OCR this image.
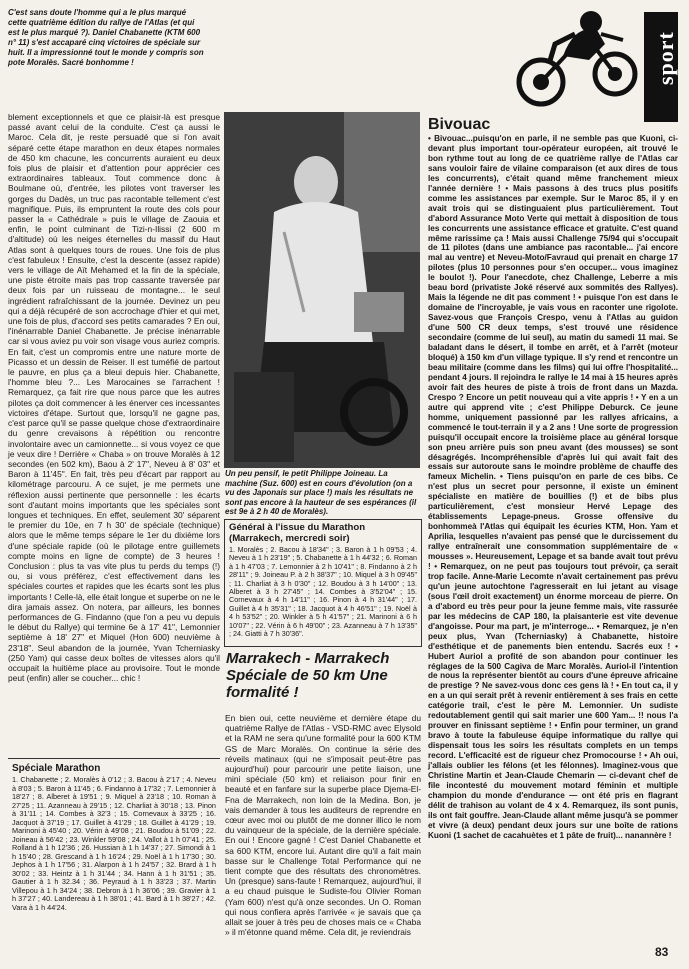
C'est sans doute l'homme qui a le plus marqué cette quatrième édition du rallye de l'Atlas (et qui est le plus marqué ?). Daniel Chabanette (KTM 600 n° 11) s'est accaparé cinq victoires de spéciale sur huit. Il a impressionné tout le monde y compris son pote Moralès. Sacré bonhomme !	sport

blement exceptionnels et que ce plaisir-là est presque passé avant celui de la conduite. C'est ça aussi le Maroc. Cela dit, je reste persuadé que si l'on avait séparé cette étape marathon en deux étapes normales de 450 km chacune, les concurrents auraient eu deux fois plus de plaisir et d'attention pour apprécier ces extraordinaires tableaux. Tout commence donc à Boulmane où, d'entrée, les pilotes vont traverser les gorges du Dadès, un truc pas racontable tellement c'est magnifique. Puis, ils empruntent la route des cols pour passer la « Cathédrale » puis le village de Zaouia et enfin, le point culminant de Tizi-n-Ilissi (2 600 m d'altitude) où les neiges éternelles du massif du Haut Atlas sont à quelques tours de roues. Une fois de plus c'est fabuleux ! Ensuite, c'est la descente (assez rapide) vers le village de Aït Mehamed et la fin de la spéciale, une piste étroite mais pas trop cassante traversée par deux fois par un ruisseau de montagne... le seul ingrédient rafraîchissant de la journée. Devinez un peu qui a déjà récupéré de son accrochage d'hier et qui met, une fois de plus, d'accord ses petits camarades ? En oui, l'inénarrable Daniel Chabanette. Je précise inénarrable car si vous aviez pu voir son visage vous auriez compris. En fait, c'est un compromis entre une nature morte de Picasso et un dessin de Reiser. Il est tuméfié de partout le pauvre, en plus ça a bleui depuis hier. Chabanette, l'homme bleu ?... Les Marocaines se l'arrachent ! Remarquez, ça fait rire que nous parce que les autres pilotes ça doit commencer à les énerver ces incessantes victoires d'étape. Surtout que, lorsqu'il ne gagne pas, c'est parce qu'il se passe quelque chose d'extraordinaire du genre crevaisons à répétition ou rencontre involontaire avec un camionnette... si vous voyez ce que je veux dire ! Derrière « Chaba » on trouve Moralès à 12 secondes (en 502 km), Baou à 2' 17", Neveu à 8' 03" et Baron à 11'45". En fait, très peu d'écart par rapport au kilométrage parcouru. A ce sujet, je me permets une réflexion aussi pertinente que personnelle : les écarts sont d'autant moins importants que les spéciales sont longues et techniques. En effet, seulement 30' séparent le premier du 10e, en 7 h 30' de spéciale (technique) alors que le même temps sépare le 1er du dixième lors d'une spéciale rapide (où le pilotage entre guillemets compte moins en ligne de compte) de 3 heures ! Conclusion : plus ta vas vite plus tu perds du temps (!) ou, si vous préférez, c'est effectivement dans les spéciales courtes et rapides que les écarts sont les plus importants ! Celle-là, elle était longue et superbe on ne le dira jamais assez. On notera, par ailleurs, les bonnes performances de G. Findanno (que l'on a peu vu depuis le début du Rallye) qui termine 6e à 17' 41", Lemonnier septième à 18' 27" et Miquel (Hon 600) neuvième à 23'18". Seul abandon de la journée, Yvan Tcherniasky (250 Yam) qui casse deux boîtes de vitesses alors qu'il occupait la huitième place au provisoire. Tout le monde peut (enfin) aller se coucher... chic !

Un peu pensif, le petit Philippe Joineau. La machine (Suz. 600) est en cours d'évolution (on a vu des Japonais sur place !) mais les résultats ne sont pas encore à la hauteur de ses espérances (il est 9e à 2 h 40 de Moralès).
Général à l'issue du Marathon (Marrakech, mercredi soir)

1. Moralès ; 2. Bacou à 18'34" ; 3. Baron à 1 h 09'53 ; 4. Neveu à 1 h 23'19" ; 5. Chabanette à 1 h 44'32 ; 6. Roman à 1 h 47'03 ; 7. Lemonnier à 2 h 10'41" ; 8. Findanno à 2 h 28'11" ; 9. Joineau P. à 2 h 38'37" ; 10. Miquel à 3 h 09'45" ; 11. Charliat à 3 h 0'30" ; 12. Boudou à 3 h 14'00" ; 13. Alberet à 3 h 27'45" ; 14. Combes à 3'52'04" ; 15. Cornevaux à 4 h 14'11" ; 16. Pinon à 4 h 31'44" ; 17. Guillet à 4 h 35'31" ; 18. Jacquot à 4 h 46'51" ; 19. Noël à 4 h 53'52" ; 20. Winkler à 5 h 41'57" ; 21. Marinoni à 6 h 10'07" ; 22. Vérin à 6 h 49'00" ; 23. Azanneau à 7 h 13'35" ; 24. Giatti à 7 h 30'36".

Marrakech - Marrakech Spéciale de 50 km Une formalité !

En bien oui, cette neuvième et dernière étape du quatrième Rallye de l'Atlas - VSD-RMC avec Elysold et la RAM ne sera qu'une formalité pour la 600 KTM GS de Marc Moralès. On continue la série des réveils matinaux (qui ne s'imposait peut-être pas aujourd'hui) pour parcourir une petite liaison, une mini spéciale (50 km) et reliaison pour finir en beauté et en fanfare sur la superbe place Djema-El-Fna de Marrakech, non loin de la Medina. Bon, je vais demander à tous les auditeurs de reprendre en cœur avec moi ou plutôt de me donner illico le nom du vainqueur de la spéciale, de la dernière spéciale. En oui ! Encore gagné ! C'est Daniel Chabanette et sa 600 KTM, encore lui. Autant dire qu'il a fait main basse sur le Challenge Total Performance qui ne tient compte que des résultats des chronomètres. Un (presque) sans-faute ! Remarquez, aujourd'hui, il a eu chaud puisque le Sudiste-fou Olivier Roman (Yam 600) n'est qu'à onze secondes. Un O. Roman qui nous confiera après l'arrivée « je savais que ça allait se jouer à très peu de choses mais ce « Chaba » il m'étonne quand même. Cela dit, je reviendrais

Spéciale Marathon

1. Chabanette ; 2. Moralès à 0'12 ; 3. Bacou à 2'17 ; 4. Neveu à 8'03 ; 5. Baron à 11'45 ; 6. Findanno à 17'32 ; 7. Lemonnier à 18'27 ; 8. Alberet à 19'51 ; 9. Miquel à 23'18 ; 10. Roman à 27'25 ; 11. Azanneau à 29'15 ; 12. Charliat à 30'18 ; 13. Pinon à 31'11 ; 14. Combes à 32'3 ; 15. Cornevaux à 33'25 ; 16. Jacquot à 37'19 ; 17. Guillet à 41'29 ; 18. Guillet à 41'29 ; 19. Marinoni à 45'40 ; 20. Vérin à 49'08 ; 21. Boudou à 51'09 ; 22. Joineau à 56'42 ; 23. Winkler 59'08 ; 24. Vallot à 1 h 07'41 ; 25. Rolland à 1 h 12'36 ; 26. Hussian à 1 h 14'37 ; 27. Simondi à 1 h 15'40 ; 28. Grescand à 1 h 16'24 ; 29. Noël à 1 h 17'30 ; 30. Jephos à 1 h 17'56 ; 31. Alarpon à 1 h 24'57 ; 32. Brard à 1 h 30'02 ; 33. Heintz à 1 h 31'44 ; 34. Hann à 1 h 31'51 ; 35. Gautier à 1 h 32.34 ; 36. Peyraud à 1 h 33'23 ; 37. Martin Villepou à 1 h 34'24 ; 38. Debron à 1 h 36'06 ; 39. Gravier à 1 h 37'27 ; 40. Landereau à 1 h 38'01 ; 41. Bard à 1 h 38'27 ; 42. Vara à 1 h 44'24.

Bivouac

• Bivouac...puisqu'on en parle, il ne semble pas que Kuoni, ci-devant plus important tour-opérateur européen, ait trouvé le bon rythme tout au long de ce quatrième rallye de l'Atlas car sans vouloir faire de vilaine comparaison (et aux dires de tous les concurrents), c'était quand même franchement mieux l'année dernière ! • Mais passons à des trucs plus positifs comme les assistances par exemple. Sur le Maroc 85, il y en avait trois qui se distinguaient plus particulièrement. Tout d'abord Assurance Moto Verte qui mettait à disposition de tous les concurrents une assistance efficace et gratuite. C'est quand même rarissime ça ! Mais aussi Challenge 75/94 qui s'occupait de 11 pilotes (dans une ambiance pas racontable... j'ai encore mal au ventre) et Neveu-Moto/Favraud qui prenait en charge 17 pilotes (plus 10 personnes pour s'en occuper... vous imaginez le boulot !). Pour l'anecdote, chez Challenge, Leberre a mis beau bord (privatiste Joké réservé aux sommités des Rallyes). Mais la légende ne dit pas comment ! • puisque l'on est dans le domaine de l'incroyable, je vais vous en raconter une rigolote. Savez-vous que François Crespo, venu à l'Atlas au guidon d'une 500 CR deux temps, s'est trouvé une résidence secondaire (comme de lui seul), au matin du samedi 11 mai. Se baladant dans le désert, il tombe en arrêt, et à l'arrêt (moteur bloqué) à 150 km d'un village typique. Il s'y rend et rencontre un beau militaire (comme dans les films) qui lui offre l'hospitalité... pendant 4 jours. Il rejoindra le rallye le 14 mai à 15 heures après avoir fait des heures de piste à trois de front dans un Mazda. Crespo ? Encore un petit nouveau qui a vite appris ! • Y en a un autre qui apprend vite ; c'est Philippe Deburck. Ce jeune homme, uniquement passionné par les rallyes africains, a commencé le tout-terrain il y a 2 ans ! Une sorte de progression puisqu'il occupait encore la troisième place au général lorsque son pneu arrière puis son pneu avant (des mousses) se sont désagrégés. Incompréhensible d'après lui qui avait fait des essais sur autoroute sans le moindre problème de chauffe des fameux Michelin. • Tiens puisqu'on en parle de ces bibs. Ce n'est plus un secret pour personne, il existe un éminent spécialiste en matière de bouillies (!) et de bibs plus particulièrement, c'est monsieur Hervé Lepage des établissements Lepage-pneus. Grosse offensive du bonhommeà l'Atlas qui équipait les écuries KTM, Hon. Yam et Aprilia, lesquelles n'avaient pas pensé que le durcissement du rallye entraînerait une consommation supplémentaire de « mousses ». Heureusement, Lepage et sa bande avait tout prévu ! • Remarquez, on ne peut pas toujours tout prévoir, ça serait trop facile. Anne-Marie Lecomte n'avait certainement pas prévu qu'un jeune autochtone l'agresserait en lui jetant au visage (sous l'œil droit exactement) un énorme morceau de pierre. On a d'abord eu très peur pour la jeune femme mais, vite rassurée par les médecins de CAP 180, la plaisanterie est vite devenue d'angoisse. Pour ma part, je m'interroge... • Remarquez, je n'en peux plus, Yvan (Tcherniasky) à Chabanette, histoire d'esthétique et de panements bien entendu. Sacrés eux ! • Hubert Auriol a profité de son abandon pour continuer les réglages de la 500 Cagiva de Marc Moralès. Auriol-il l'intention de nous la représenter bientôt au cours d'une épreuve africaine de prestige ? Ne savez-vous donc ces gens là ! • En tout ca, il y en a un qui serait prêt à revenir entièrement à ses frais en cette catégorie trail, c'est le père M. Lemonnier. Un sudiste redoutablement gentil qui sait marier une 600 Yam... !! nous l'a prouver en finissant septième ! • Enfin pour terminer, un grand bravo à toute la fabuleuse équipe informatique du rallye qui dispensait tous les soirs les résultats complets en un temps record. L'efficacité est de rigueur chez Promocourse ! • Ah oui, j'allais oublier les félons (et les félonnes). Imaginez-vous que Christine Martin et Jean-Claude Chemarin — ci-devant chef de file incontesté du mouvement motard féminin et multiple champion du monde d'endurance — ont été pris en flagrant délit de trahison au volant de 4 x 4. Remarquez, ils sont punis, ils ont fait gouffre. Jean-Claude allant même jusqu'à se pommer et vivre (à deux) pendant deux jours sur une boîte de rations Kuoni (1 sachet de cacahuètes et 1 pâte de fruit)... nanannère !

83
